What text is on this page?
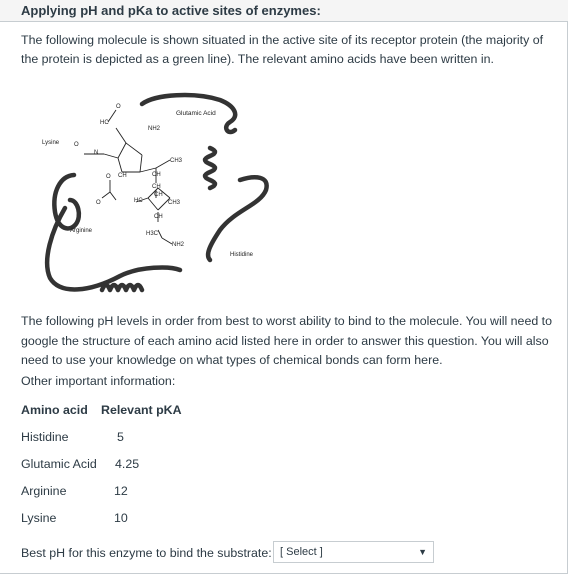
Applying pH and pKa to active sites of enzymes:
The following molecule is shown situated in the active site of its receptor protein (the majority of the protein is depicted as a green line). The relevant amino acids have been written in.
Glutamic Acid
Lysine
Arginine
Histidine
O
HC
NH2
O
N
CH	CH
CH3
CH
CH
HC	CH3
CH
O
O
H3C
NH2
The following pH levels in order from best to worst ability to bind to the molecule. You will need to google the structure of each amino acid listed here in order to answer this question. You will also need to use your knowledge on what types of chemical bonds can form here.
Other important information:
Amino acid Relevant pKA
Histidine	5
Glutamic Acid 4.25
Arginine	12
Lysine	10
Best pH for this enzyme to bind the substrate: [ Select ]	▼
